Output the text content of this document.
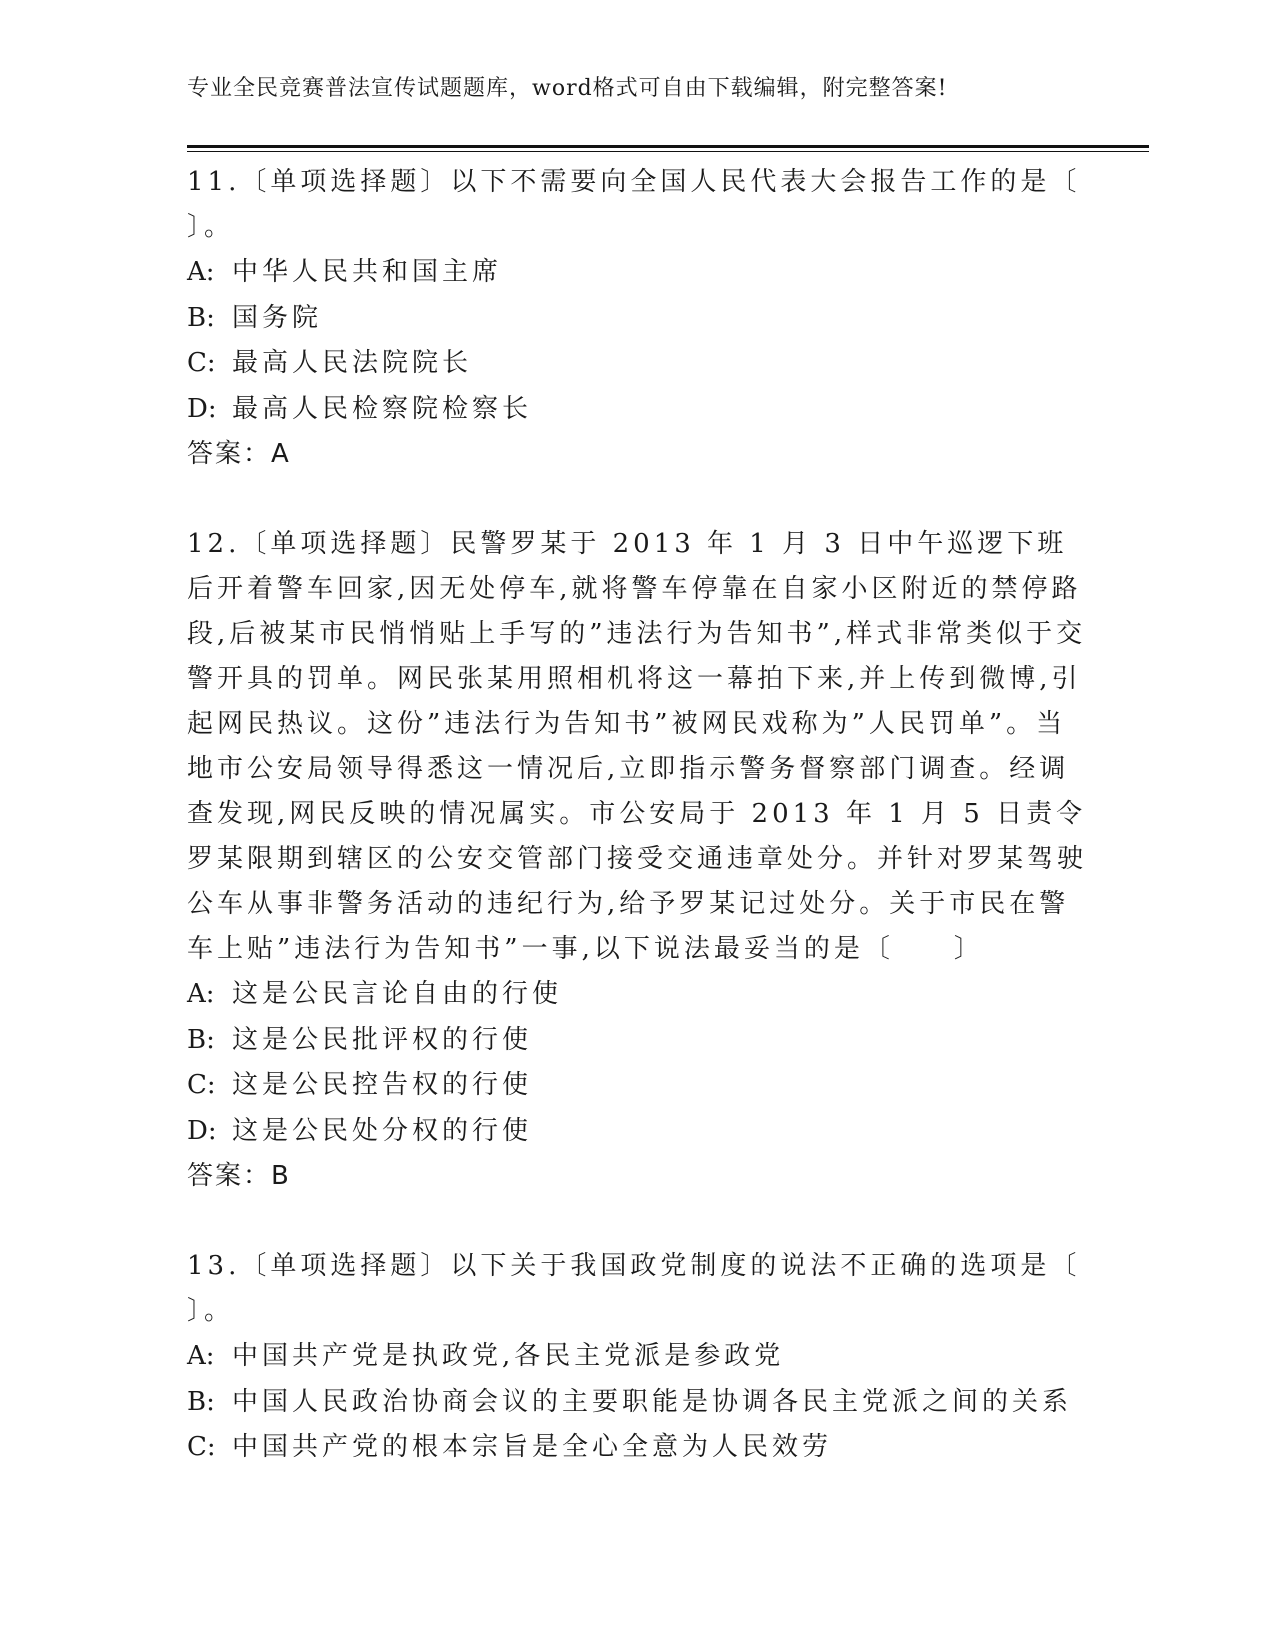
专业全民竞赛普法宣传试题题库，word格式可自由下载编辑，附完整答案!

11.〔单项选择题〕以下不需要向全国人民代表大会报告工作的是〔 〕。

A: 中华人民共和国主席
B: 国务院
C: 最高人民法院院长
D: 最高人民检察院检察长
答案：A

12.〔单项选择题〕民警罗某于 2013 年 1 月 3 日中午巡逻下班后开着警车回家,因无处停车,就将警车停靠在自家小区附近的禁停路段,后被某市民悄悄贴上手写的”违法行为告知书”,样式非常类似于交警开具的罚单。网民张某用照相机将这一幕拍下来,并上传到微博,引起网民热议。这份”违法行为告知书”被网民戏称为”人民罚单”。当地市公安局领导得悉这一情况后,立即指示警务督察部门调查。经调查发现,网民反映的情况属实。市公安局于 2013 年 1 月 5 日责令罗某限期到辖区的公安交管部门接受交通违章处分。并针对罗某驾驶公车从事非警务活动的违纪行为,给予罗某记过处分。关于市民在警车上贴”违法行为告知书”一事,以下说法最妥当的是〔　　〕

A: 这是公民言论自由的行使
B: 这是公民批评权的行使
C: 这是公民控告权的行使
D: 这是公民处分权的行使
答案：B

13.〔单项选择题〕以下关于我国政党制度的说法不正确的选项是〔 〕。

A: 中国共产党是执政党,各民主党派是参政党
B: 中国人民政治协商会议的主要职能是协调各民主党派之间的关系
C: 中国共产党的根本宗旨是全心全意为人民效劳
